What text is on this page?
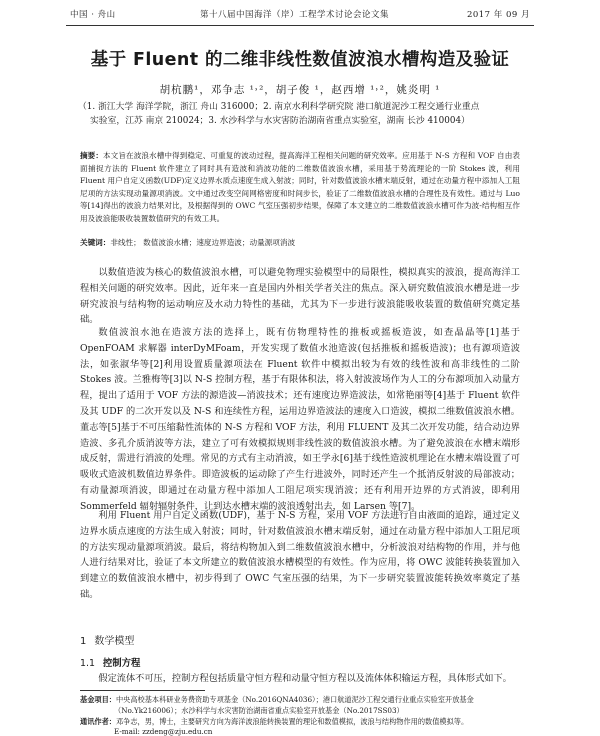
中国 · 舟山	第十八届中国海洋（岸）工程学术讨论会论文集	2017 年 09 月
基于 Fluent 的二维非线性数值波浪水槽构造及验证
胡杭鹏¹，邓争志 ¹˒²，胡子俊 ¹，赵西增 ¹˒²，姚炎明 ¹
（1. 浙江大学 海洋学院，浙江 舟山 316000；2. 南京水利科学研究院 港口航道泥沙工程交通行业重点
实验室，江苏 南京 210024；3. 水沙科学与水灾害防治湖南省重点实验室，湖南 长沙 410004）
摘要：本文旨在波浪水槽中得到稳定、可重复的波动过程，提高海洋工程相关问题的研究效率。应用基于 N-S 方程和 VOF 自由表面捕捉方法的 Fluent 软件建立了同时具有造波和消波功能的二维数值波浪水槽，采用基于势流理论的一阶 Stokes 波，利用 Fluent 用户自定义函数(UDF)定义边界水质点速度生成入射波；同时，针对数值波浪水槽末端反射，通过在动量方程中添加人工阻尼项的方法实现动量源项消波。文中通过改变空间网格密度和时间步长，验证了二维数值波浪水槽的合理性及有效性。通过与 Luo 等[14]得出的波浪力结果对比，及根据得到的 OWC 气室压强初步结果，保障了本文建立的二维数值波浪水槽可作为波-结构相互作用及波浪能吸收装置数值研究的有效工具。
关键词：非线性； 数值波浪水槽；速度边界造波；动量源项消波
以数值造波为核心的数值波浪水槽，可以避免物理实验模型中的局限性，模拟真实的波浪，提高海洋工程相关问题的研究效率。因此，近年来一直是国内外相关学者关注的焦点。深入研究数值波浪水槽是进一步研究波浪与结构物的运动响应及水动力特性的基础，尤其为下一步进行波浪能吸收装置的数值研究奠定基础。
数值波浪水池在造波方法的选择上，既有仿物理特性的推板或摇板造波，如查晶晶等[1]基于 OpenFOAM 求解器 interDyMFoam，开发实现了数值水池造波(包括推板和摇板造波)；也有源项造波法，如张淑华等[2]利用设置质量源项法在 Fluent 软件中模拟出较为有效的线性波和高非线性的二阶 Stokes 波。兰雅梅等[3]以 N-S 控制方程，基于有限体积法，将入射波波场作为人工的分布源项加入动量方程，提出了适用于 VOF 方法的源造波—消波技术；还有速度边界造波法，如常艳丽等[4]基于 Fluent 软件及其 UDF 的二次开发以及 N-S 和连续性方程，运用边界造波法的速度入口造波，模拟二维数值波浪水槽。董志等[5]基于不可压缩黏性流体的 N-S 方程和 VOF 方法，利用 FLUENT 及其二次开发功能，结合动边界造波、多孔介质消波等方法，建立了可有效模拟规则非线性波的数值波浪水槽。为了避免波浪在水槽末端形成反射，需进行消波的处理。常见的方式有主动消波，如王学永[6]基于线性造波机理论在水槽末端设置了可吸收式造波机数值边界条件。即造波板的运动除了产生行进波外，同时还产生一个抵消反射波的局部波动；有动量源项消波，即通过在动量方程中添加人工阻尼项实现消波；还有利用开边界的方式消波，即利用 Sommerfeld 辐射辐射条件，让到达水槽末端的波浪透射出去，如 Larsen 等[7]。
利用 Fluent 用户自定义函数(UDF)，基于 N-S 方程，采用 VOF 方法进行自由液面的追踪，通过定义边界水质点速度的方法生成入射波；同时，针对数值波浪水槽末端反射，通过在动量方程中添加人工阻尼项的方法实现动量源项消波。最后，将结构物加入到二维数值波浪水槽中，分析波浪对结构物的作用，并与他人进行结果对比，验证了本文所建立的数值波浪水槽模型的有效性。作为应用，将 OWC 波能转换装置加入到建立的数值波浪水槽中，初步得到了 OWC 气室压强的结果，为下一步研究装置波能转换效率奠定了基础。
1 数学模型
1.1 控制方程
假定流体不可压，控制方程包括质量守恒方程和动量守恒方程以及流体体积输运方程，具体形式如下。
基金项目：中央高校基本科研业务费资助专项基金（No.2016QNA4036）；港口航道泥沙工程交通行业重点实验室开放基金
（No.Yk216006）；水沙科学与水灾害防治湖南省重点实验室开放基金（No.2017SS03）
通讯作者：邓争志，男，博士，主要研究方向为海洋波浪能转换装置的理论和数值模拟，波浪与结构物作用的数值模拟等。
E-mail: zzdeng@zju.edu.cn
